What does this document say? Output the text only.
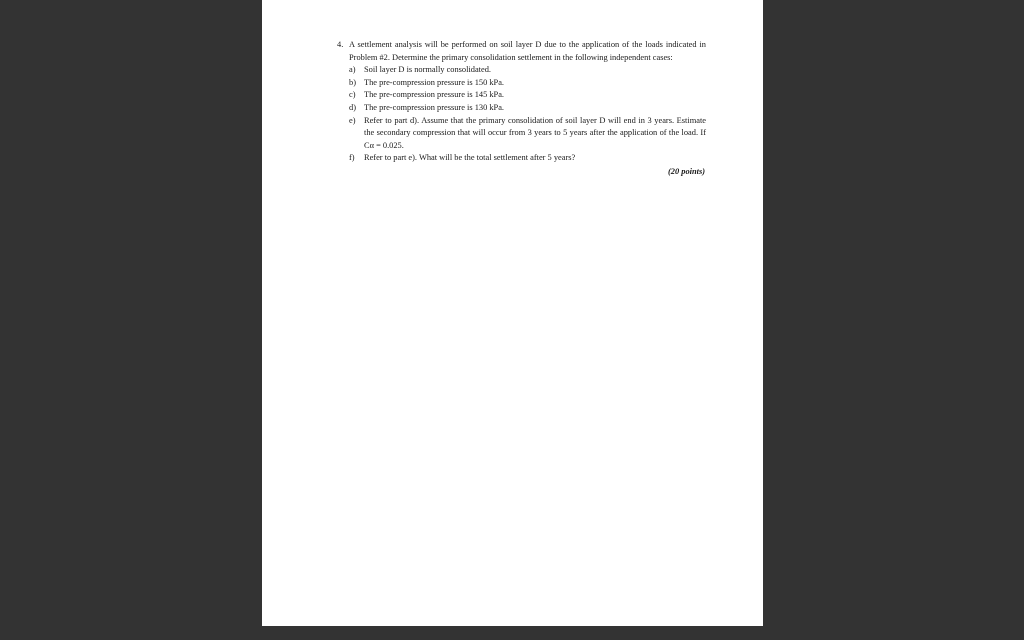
4. A settlement analysis will be performed on soil layer D due to the application of the loads indicated in Problem #2. Determine the primary consolidation settlement in the following independent cases:
a) Soil layer D is normally consolidated.
b) The pre-compression pressure is 150 kPa.
c) The pre-compression pressure is 145 kPa.
d) The pre-compression pressure is 130 kPa.
e) Refer to part d). Assume that the primary consolidation of soil layer D will end in 3 years. Estimate the secondary compression that will occur from 3 years to 5 years after the application of the load. If Cα = 0.025.
f) Refer to part e). What will be the total settlement after 5 years?
(20 points)
